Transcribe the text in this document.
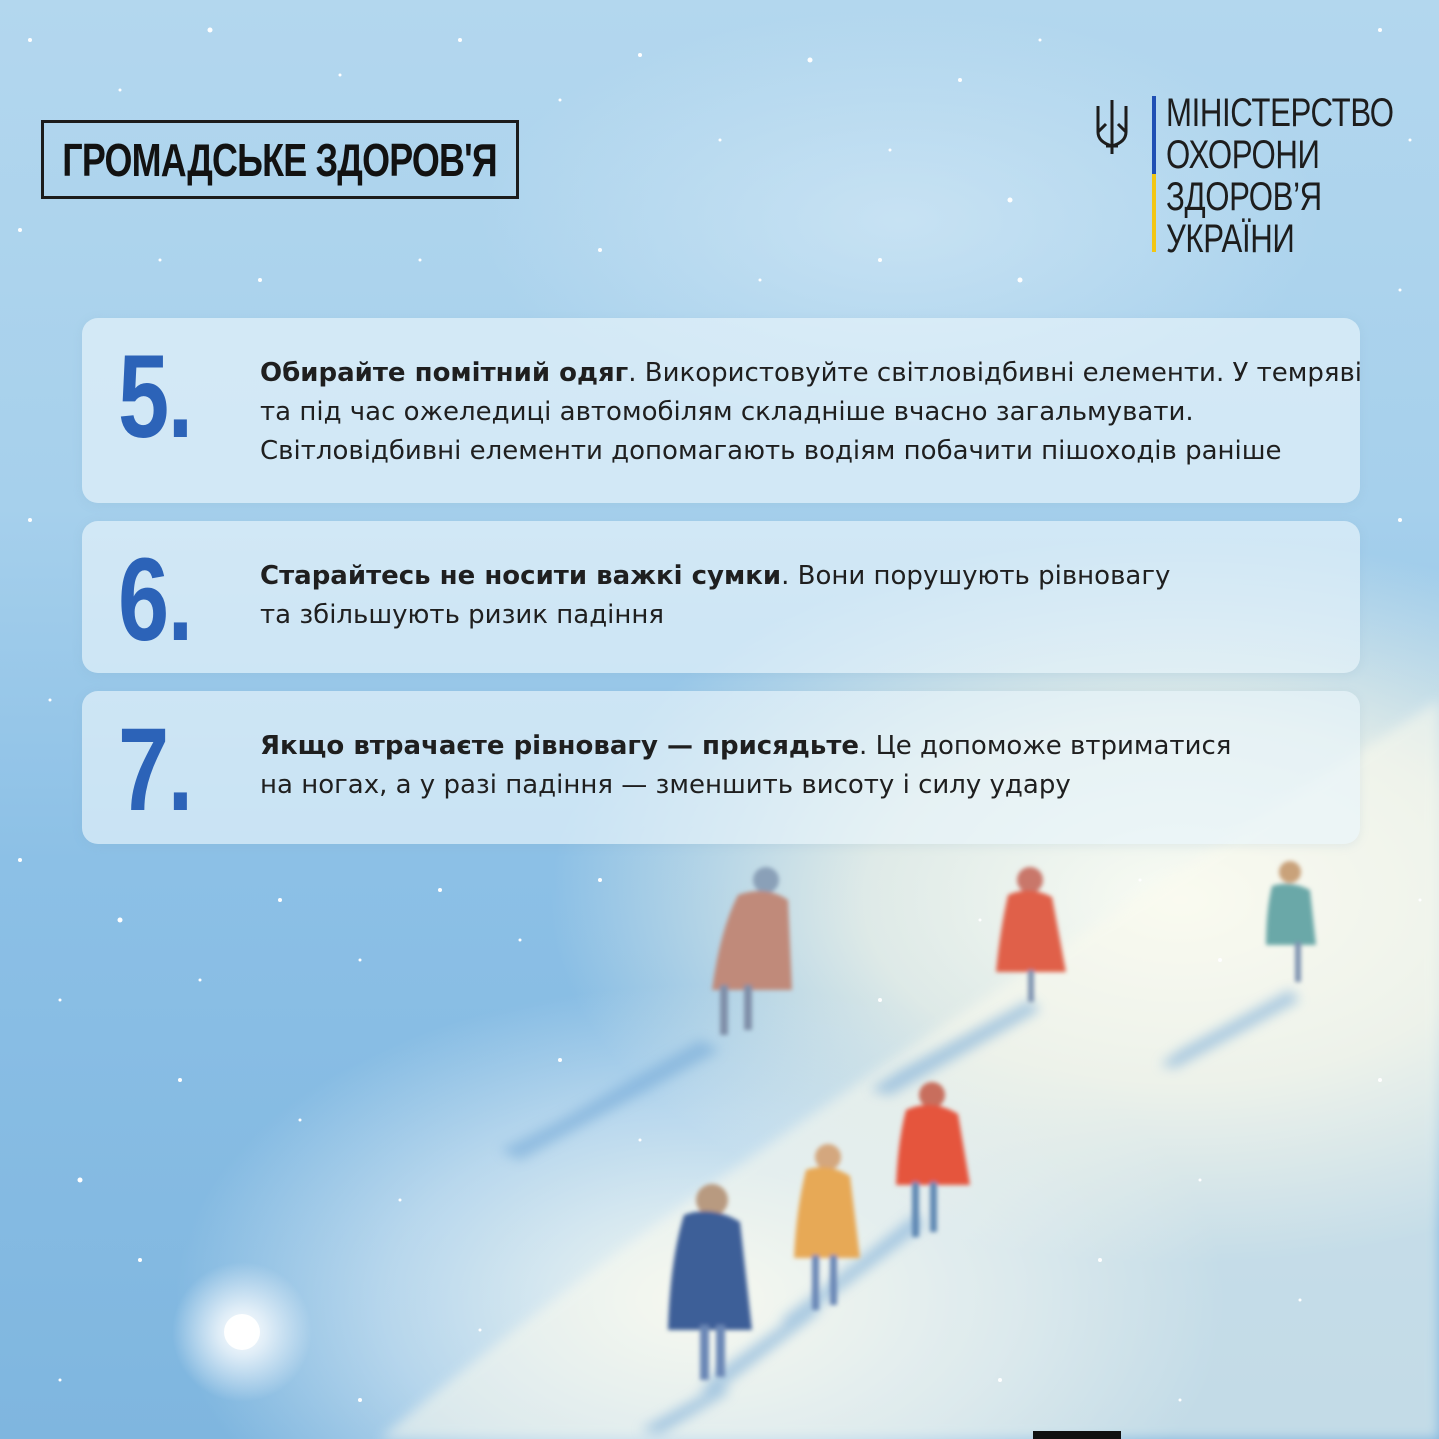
ГРОМАДСЬКЕ ЗДОРОВ'Я
МІНІСТЕРСТВО
ОХОРОНИ
ЗДОРОВ’Я
УКРАЇНИ
5.	Обирайте помітний одяг. Використовуйте світловідбивні елементи. У темряві
та під час ожеледиці автомобілям складніше вчасно загальмувати.
Світловідбивні елементи допомагають водіям побачити пішоходів раніше
6.	Старайтесь не носити важкі сумки. Вони порушують рівновагу
та збільшують ризик падіння
7.	Якщо втрачаєте рівновагу — присядьте. Це допоможе втриматися
на ногах, а у разі падіння — зменшить висоту і силу удару
